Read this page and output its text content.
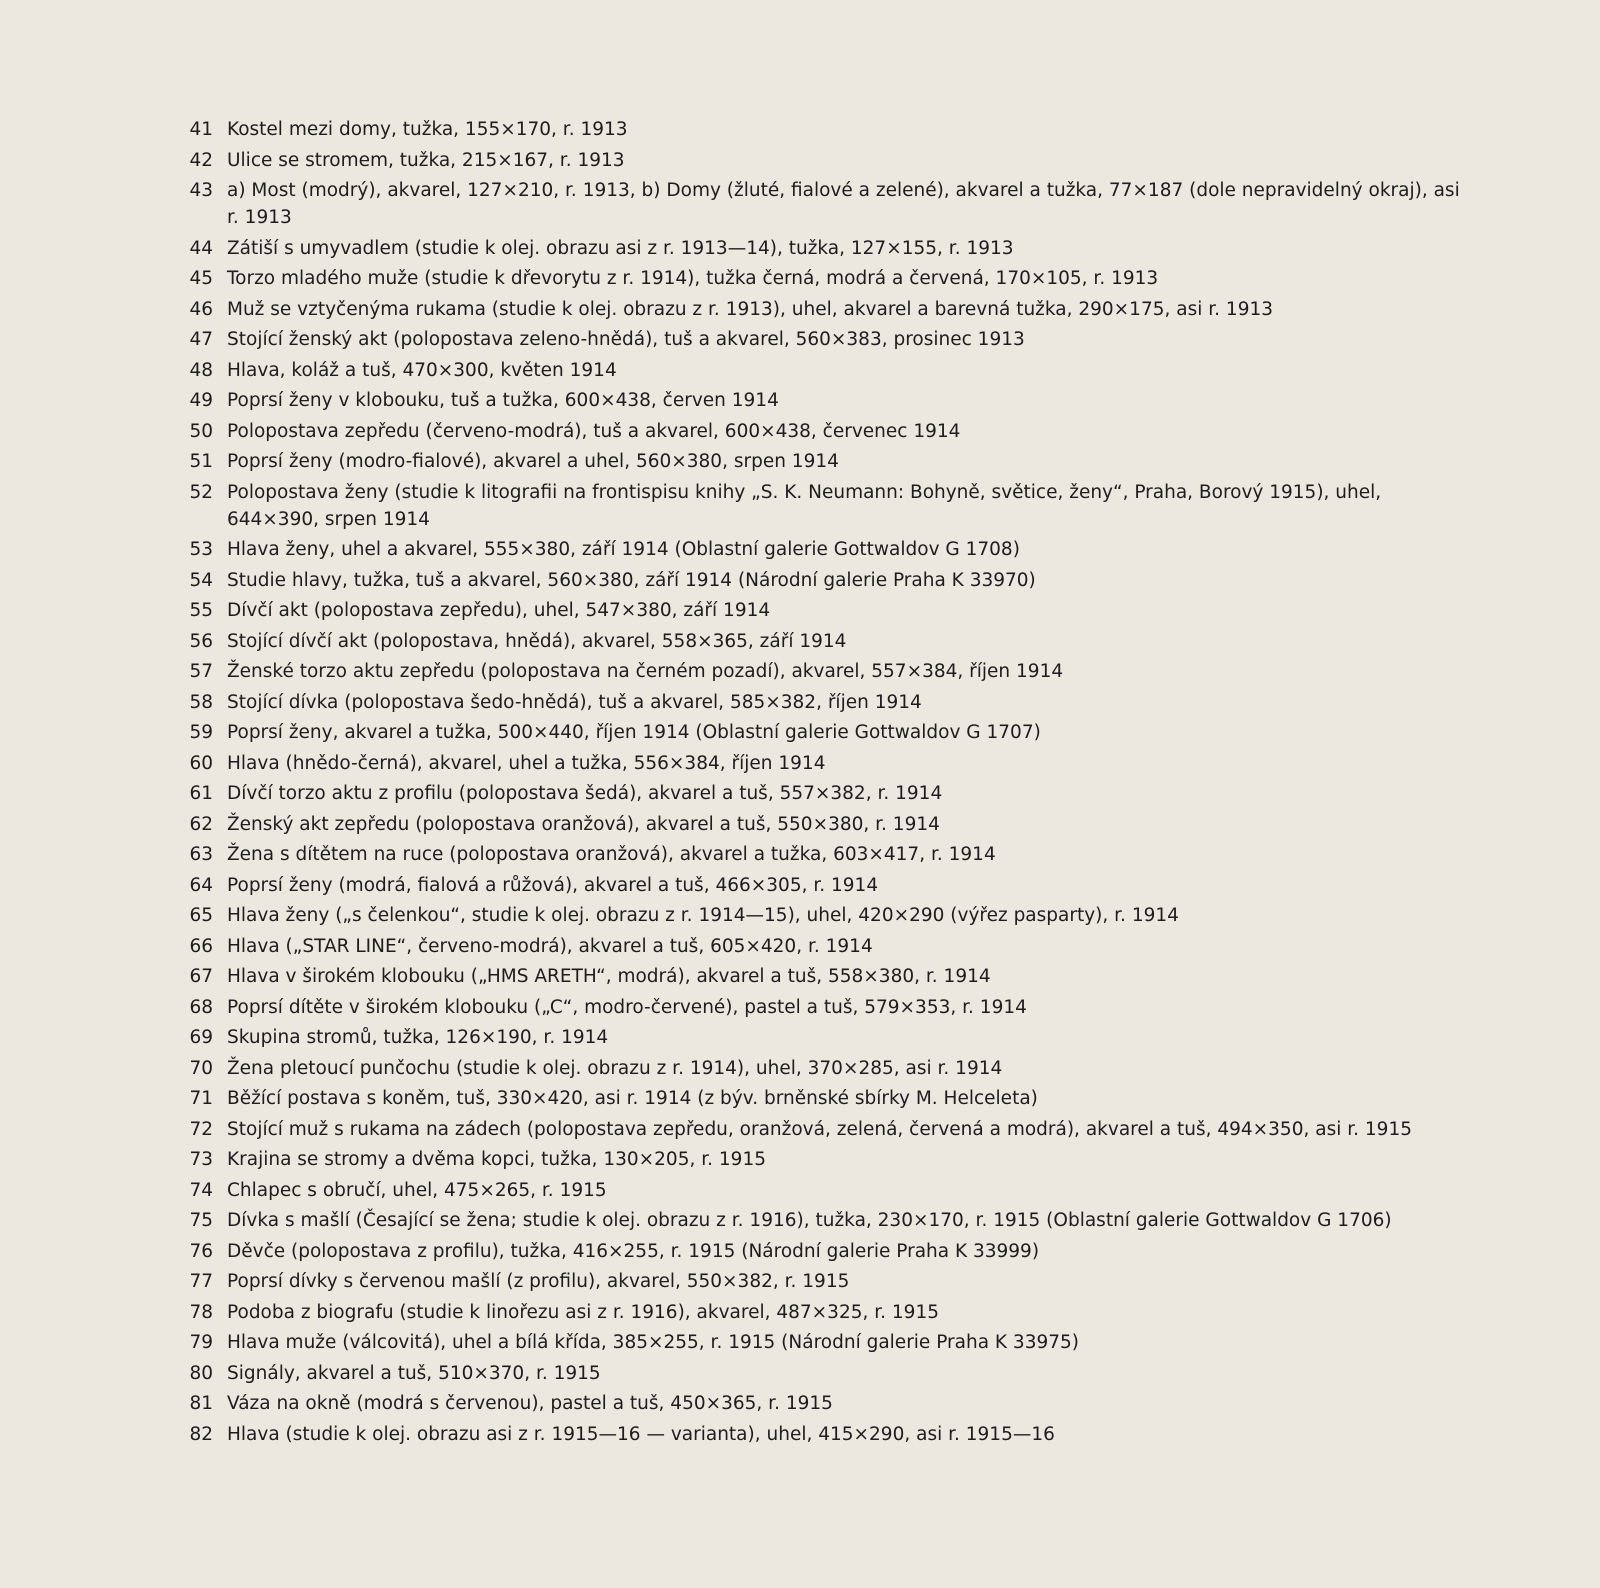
41 Kostel mezi domy, tužka, 155×170, r. 1913
42 Ulice se stromem, tužka, 215×167, r. 1913
43 a) Most (modrý), akvarel, 127×210, r. 1913, b) Domy (žluté, fialové a zelené), akvarel a tužka, 77×187 (dole nepravidelný okraj), asi r. 1913
44 Zátiší s umyvadlem (studie k olej. obrazu asi z r. 1913—14), tužka, 127×155, r. 1913
45 Torzo mladého muže (studie k dřevorytu z r. 1914), tužka černá, modrá a červená, 170×105, r. 1913
46 Muž se vztyčenýma rukama (studie k olej. obrazu z r. 1913), uhel, akvarel a barevná tužka, 290×175, asi r. 1913
47 Stojící ženský akt (polopostava zeleno-hnědá), tuš a akvarel, 560×383, prosinec 1913
48 Hlava, koláž a tuš, 470×300, květen 1914
49 Poprsí ženy v klobouku, tuš a tužka, 600×438, červen 1914
50 Polopostava zepředu (červeno-modrá), tuš a akvarel, 600×438, červenec 1914
51 Poprsí ženy (modro-fialové), akvarel a uhel, 560×380, srpen 1914
52 Polopostava ženy (studie k litografii na frontispisu knihy „S. K. Neumann: Bohyně, světice, ženy“, Praha, Borový 1915), uhel, 644×390, srpen 1914
53 Hlava ženy, uhel a akvarel, 555×380, září 1914 (Oblastní galerie Gottwaldov G 1708)
54 Studie hlavy, tužka, tuš a akvarel, 560×380, září 1914 (Národní galerie Praha K 33970)
55 Dívčí akt (polopostava zepředu), uhel, 547×380, září 1914
56 Stojící dívčí akt (polopostava, hnědá), akvarel, 558×365, září 1914
57 Ženské torzo aktu zepředu (polopostava na černém pozadí), akvarel, 557×384, říjen 1914
58 Stojící dívka (polopostava šedo-hnědá), tuš a akvarel, 585×382, říjen 1914
59 Poprsí ženy, akvarel a tužka, 500×440, říjen 1914 (Oblastní galerie Gottwaldov G 1707)
60 Hlava (hnědo-černá), akvarel, uhel a tužka, 556×384, říjen 1914
61 Dívčí torzo aktu z profilu (polopostava šedá), akvarel a tuš, 557×382, r. 1914
62 Ženský akt zepředu (polopostava oranžová), akvarel a tuš, 550×380, r. 1914
63 Žena s dítětem na ruce (polopostava oranžová), akvarel a tužka, 603×417, r. 1914
64 Poprsí ženy (modrá, fialová a růžová), akvarel a tuš, 466×305, r. 1914
65 Hlava ženy („s čelenkou“, studie k olej. obrazu z r. 1914—15), uhel, 420×290 (výřez pasparty), r. 1914
66 Hlava („STAR LINE“, červeno-modrá), akvarel a tuš, 605×420, r. 1914
67 Hlava v širokém klobouku („HMS ARETH“, modrá), akvarel a tuš, 558×380, r. 1914
68 Poprsí dítěte v širokém klobouku („C“, modro-červené), pastel a tuš, 579×353, r. 1914
69 Skupina stromů, tužka, 126×190, r. 1914
70 Žena pletoucí punčochu (studie k olej. obrazu z r. 1914), uhel, 370×285, asi r. 1914
71 Běžící postava s koněm, tuš, 330×420, asi r. 1914 (z býv. brněnské sbírky M. Helceleta)
72 Stojící muž s rukama na zádech (polopostava zepředu, oranžová, zelená, červená a modrá), akvarel a tuš, 494×350, asi r. 1915
73 Krajina se stromy a dvěma kopci, tužka, 130×205, r. 1915
74 Chlapec s obručí, uhel, 475×265, r. 1915
75 Dívka s mašlí (Česající se žena; studie k olej. obrazu z r. 1916), tužka, 230×170, r. 1915 (Oblastní galerie Gottwaldov G 1706)
76 Děvče (polopostava z profilu), tužka, 416×255, r. 1915 (Národní galerie Praha K 33999)
77 Poprsí dívky s červenou mašlí (z profilu), akvarel, 550×382, r. 1915
78 Podoba z biografu (studie k linořezu asi z r. 1916), akvarel, 487×325, r. 1915
79 Hlava muže (válcovitá), uhel a bílá křída, 385×255, r. 1915 (Národní galerie Praha K 33975)
80 Signály, akvarel a tuš, 510×370, r. 1915
81 Váza na okně (modrá s červenou), pastel a tuš, 450×365, r. 1915
82 Hlava (studie k olej. obrazu asi z r. 1915—16 — varianta), uhel, 415×290, asi r. 1915—16
